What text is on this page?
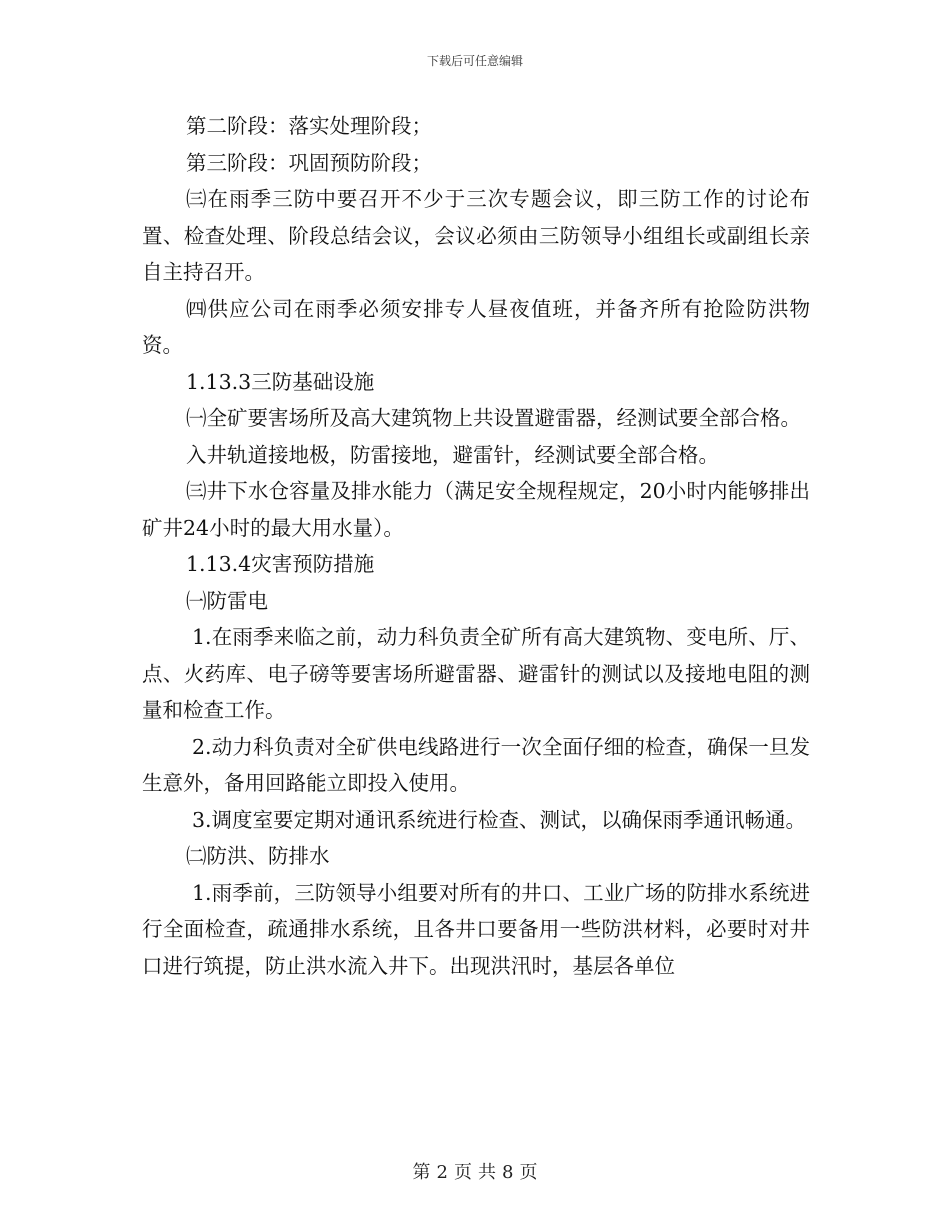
下载后可任意编辑

第二阶段：落实处理阶段；

第三阶段：巩固预防阶段；

㈢在雨季三防中要召开不少于三次专题会议，即三防工作的讨论布置、检查处理、阶段总结会议，会议必须由三防领导小组组长或副组长亲自主持召开。

㈣供应公司在雨季必须安排专人昼夜值班，并备齐所有抢险防洪物资。

1.13.3三防基础设施

㈠全矿要害场所及高大建筑物上共设置避雷器，经测试要全部合格。

入井轨道接地极，防雷接地，避雷针，经测试要全部合格。

㈢井下水仓容量及排水能力（满足安全规程规定，20小时内能够排出矿井24小时的最大用水量）。

1.13.4灾害预防措施

㈠防雷电

1.在雨季来临之前，动力科负责全矿所有高大建筑物、变电所、厅、点、火药库、电子磅等要害场所避雷器、避雷针的测试以及接地电阻的测量和检查工作。

2.动力科负责对全矿供电线路进行一次全面仔细的检查，确保一旦发生意外，备用回路能立即投入使用。

3.调度室要定期对通讯系统进行检查、测试，以确保雨季通讯畅通。

㈡防洪、防排水

1.雨季前，三防领导小组要对所有的井口、工业广场的防排水系统进行全面检查，疏通排水系统，且各井口要备用一些防洪材料，必要时对井口进行筑提，防止洪水流入井下。出现洪汛时，基层各单位

第 2 页 共 8 页
